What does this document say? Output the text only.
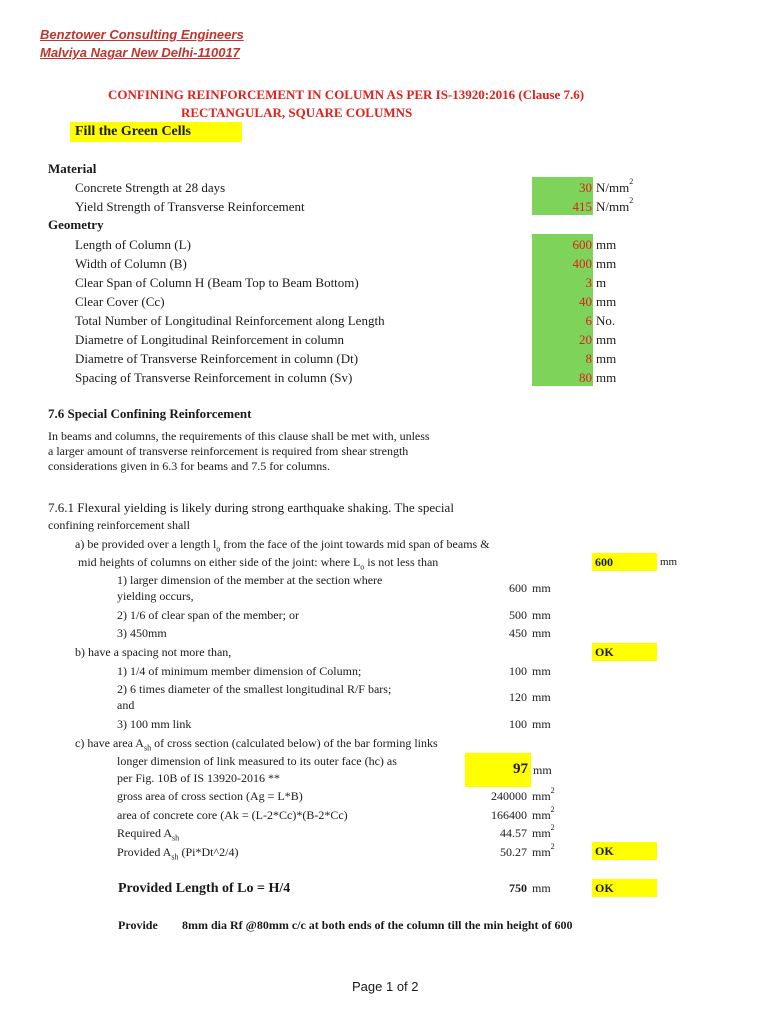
Benztower Consulting Engineers
Malviya Nagar New Delhi-110017
CONFINING REINFORCEMENT IN COLUMN AS PER IS-13920:2016 (Clause 7.6)
RECTANGULAR, SQUARE COLUMNS
Fill the Green Cells
Material
Concrete Strength at 28 days	30 $N/mm^2$
Yield Strength of Transverse Reinforcement	415 $N/mm^2$
Geometry
Length of Column (L)	600 mm
Width of Column (B)	400 mm
Clear Span of Column H (Beam Top to Beam Bottom)	3 m
Clear Cover (Cc)	40 mm
Total Number of Longitudinal Reinforcement along Length	6 No.
Diametre of Longitudinal Reinforcement in column	20 mm
Diametre of Transverse Reinforcement in column (Dt)	8 mm
Spacing of Transverse Reinforcement in column (Sv)	80 mm
7.6 Special Confining Reinforcement
In beams and columns, the requirements of this clause shall be met with, unless
a larger amount of transverse reinforcement is required from shear strength
considerations given in 6.3 for beams and 7.5 for columns.
7.6.1 Flexural yielding is likely during strong earthquake shaking. The special
confining reinforcement shall
a) be provided over a length $l_o$ from the face of the joint towards mid span of beams &
mid heights of columns on either side of the joint: where $L_o$ is not less than	600	mm
1) larger dimension of the member at the section where
yielding occurs,
600 mm
2) 1/6 of clear span of the member; or	500 mm
3) 450mm	450 mm
b) have a spacing not more than,	OK
1) 1/4 of minimum member dimension of Column;	100 mm
2) 6 times diameter of the smallest longitudinal R/F bars;
and
120 mm
3) 100 mm link	100 mm
c) have area $A_{sh}$ of cross section (calculated below) of the bar forming links
longer dimension of link measured to its outer face (hc) as
per Fig. 10B of IS 13920-2016 **
97 mm
gross area of cross section (Ag = L*B)	240000 $mm^2$
area of concrete core (Ak = (L-2*Cc)*(B-2*Cc)	166400 $mm^2$
Required $A_{sh}$	44.57 $mm^2$
Provided $A_{sh}$ (Pi*Dt^2/4)	50.27 $mm^2$	OK
Provided Length of Lo = H/4	750 mm	OK
Provide 8mm dia Rf @80mm c/c at both ends of the column till the min height of 600
Page 1 of 2
